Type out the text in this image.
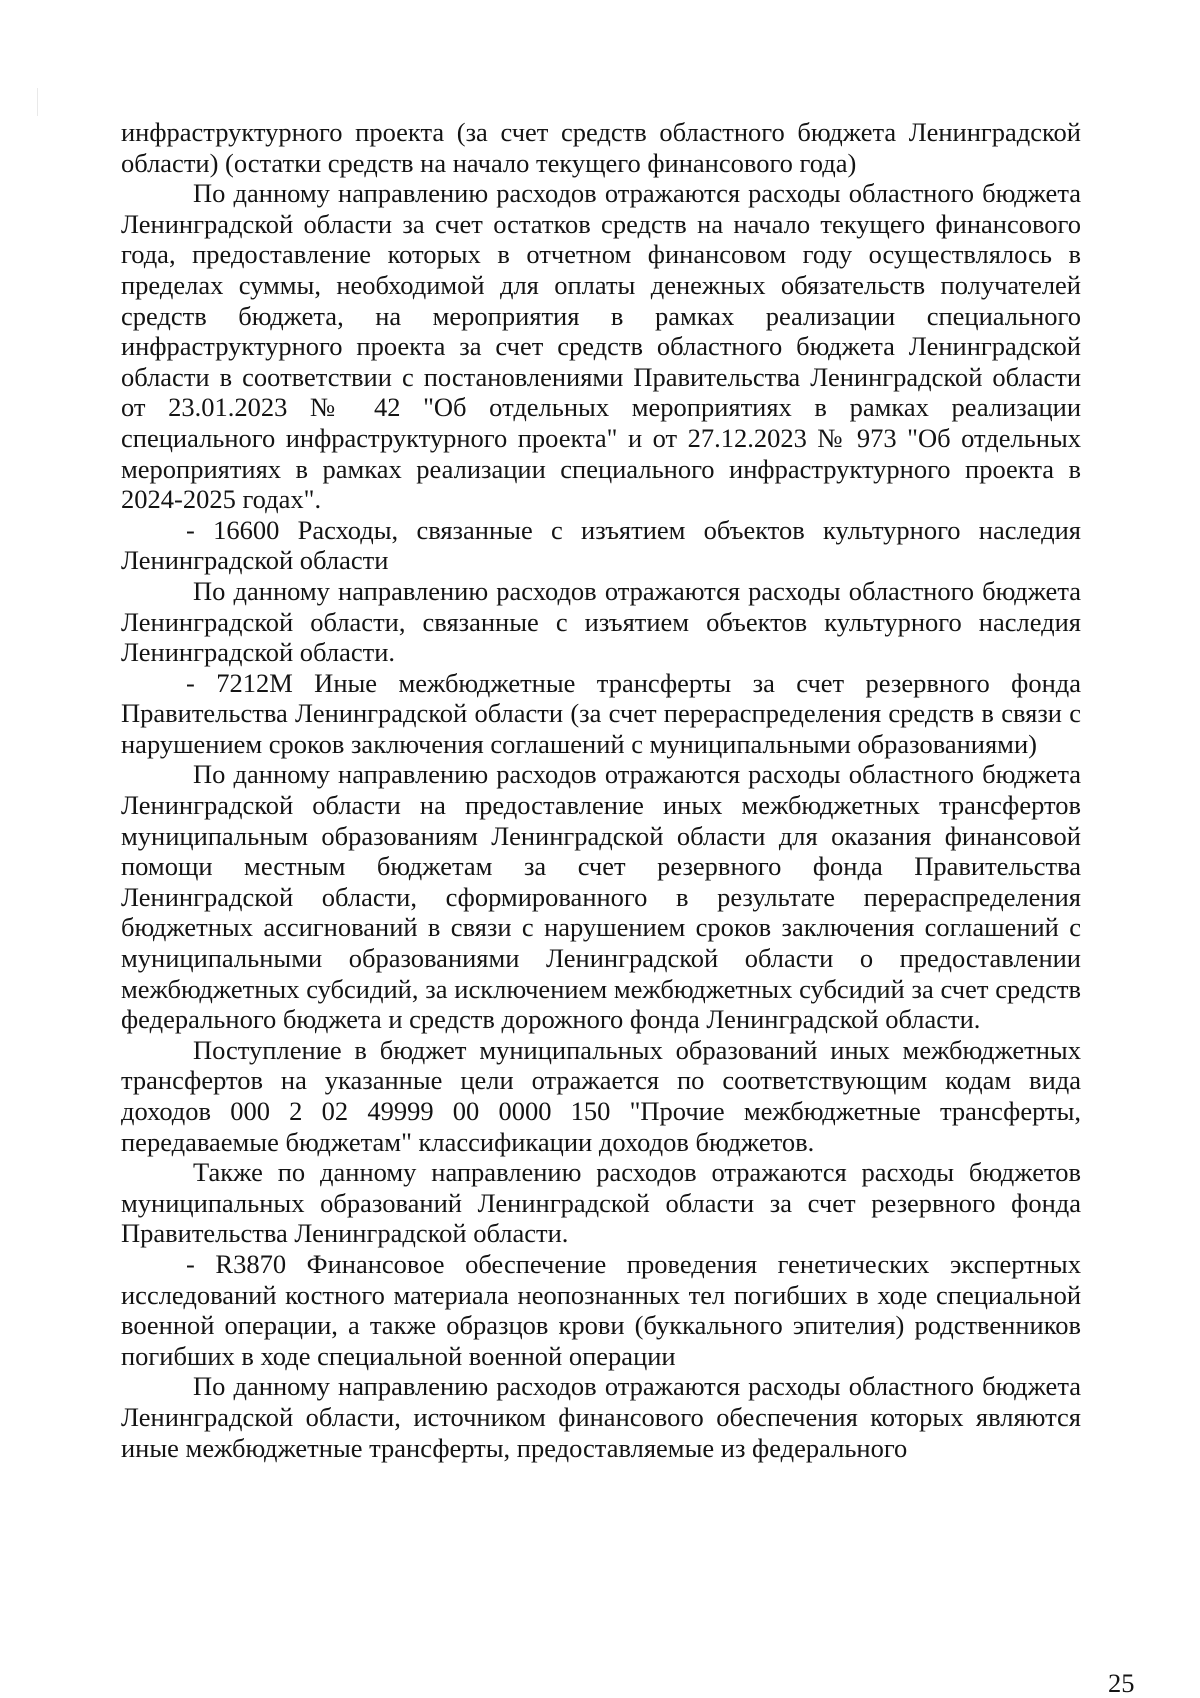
инфраструктурного проекта (за счет средств областного бюджета Ленинградской области) (остатки средств на начало текущего финансового года)

По данному направлению расходов отражаются расходы областного бюджета Ленинградской области за счет остатков средств на начало текущего финансового года, предоставление которых в отчетном финансовом году осуществлялось в пределах суммы, необходимой для оплаты денежных обязательств получателей средств бюджета, на мероприятия в рамках реализации специального инфраструктурного проекта за счет средств областного бюджета Ленинградской области в соответствии с постановлениями Правительства Ленинградской области от 23.01.2023 № 42 "Об отдельных мероприятиях в рамках реализации специального инфраструктурного проекта" и от 27.12.2023 № 973 "Об отдельных мероприятиях в рамках реализации специального инфраструктурного проекта в 2024-2025 годах".

- 16600 Расходы, связанные с изъятием объектов культурного наследия Ленинградской области

По данному направлению расходов отражаются расходы областного бюджета Ленинградской области, связанные с изъятием объектов культурного наследия Ленинградской области.

- 7212М Иные межбюджетные трансферты за счет резервного фонда Правительства Ленинградской области (за счет перераспределения средств в связи с нарушением сроков заключения соглашений с муниципальными образованиями)

По данному направлению расходов отражаются расходы областного бюджета Ленинградской области на предоставление иных межбюджетных трансфертов муниципальным образованиям Ленинградской области для оказания финансовой помощи местным бюджетам за счет резервного фонда Правительства Ленинградской области, сформированного в результате перераспределения бюджетных ассигнований в связи с нарушением сроков заключения соглашений с муниципальными образованиями Ленинградской области о предоставлении межбюджетных субсидий, за исключением межбюджетных субсидий за счет средств федерального бюджета и средств дорожного фонда Ленинградской области.

Поступление в бюджет муниципальных образований иных межбюджетных трансфертов на указанные цели отражается по соответствующим кодам вида доходов 000 2 02 49999 00 0000 150 "Прочие межбюджетные трансферты, передаваемые бюджетам" классификации доходов бюджетов.

Также по данному направлению расходов отражаются расходы бюджетов муниципальных образований Ленинградской области за счет резервного фонда Правительства Ленинградской области.

- R3870 Финансовое обеспечение проведения генетических экспертных исследований костного материала неопознанных тел погибших в ходе специальной военной операции, а также образцов крови (буккального эпителия) родственников погибших в ходе специальной военной операции

По данному направлению расходов отражаются расходы областного бюджета Ленинградской области, источником финансового обеспечения которых являются иные межбюджетные трансферты, предоставляемые из федерального

25
